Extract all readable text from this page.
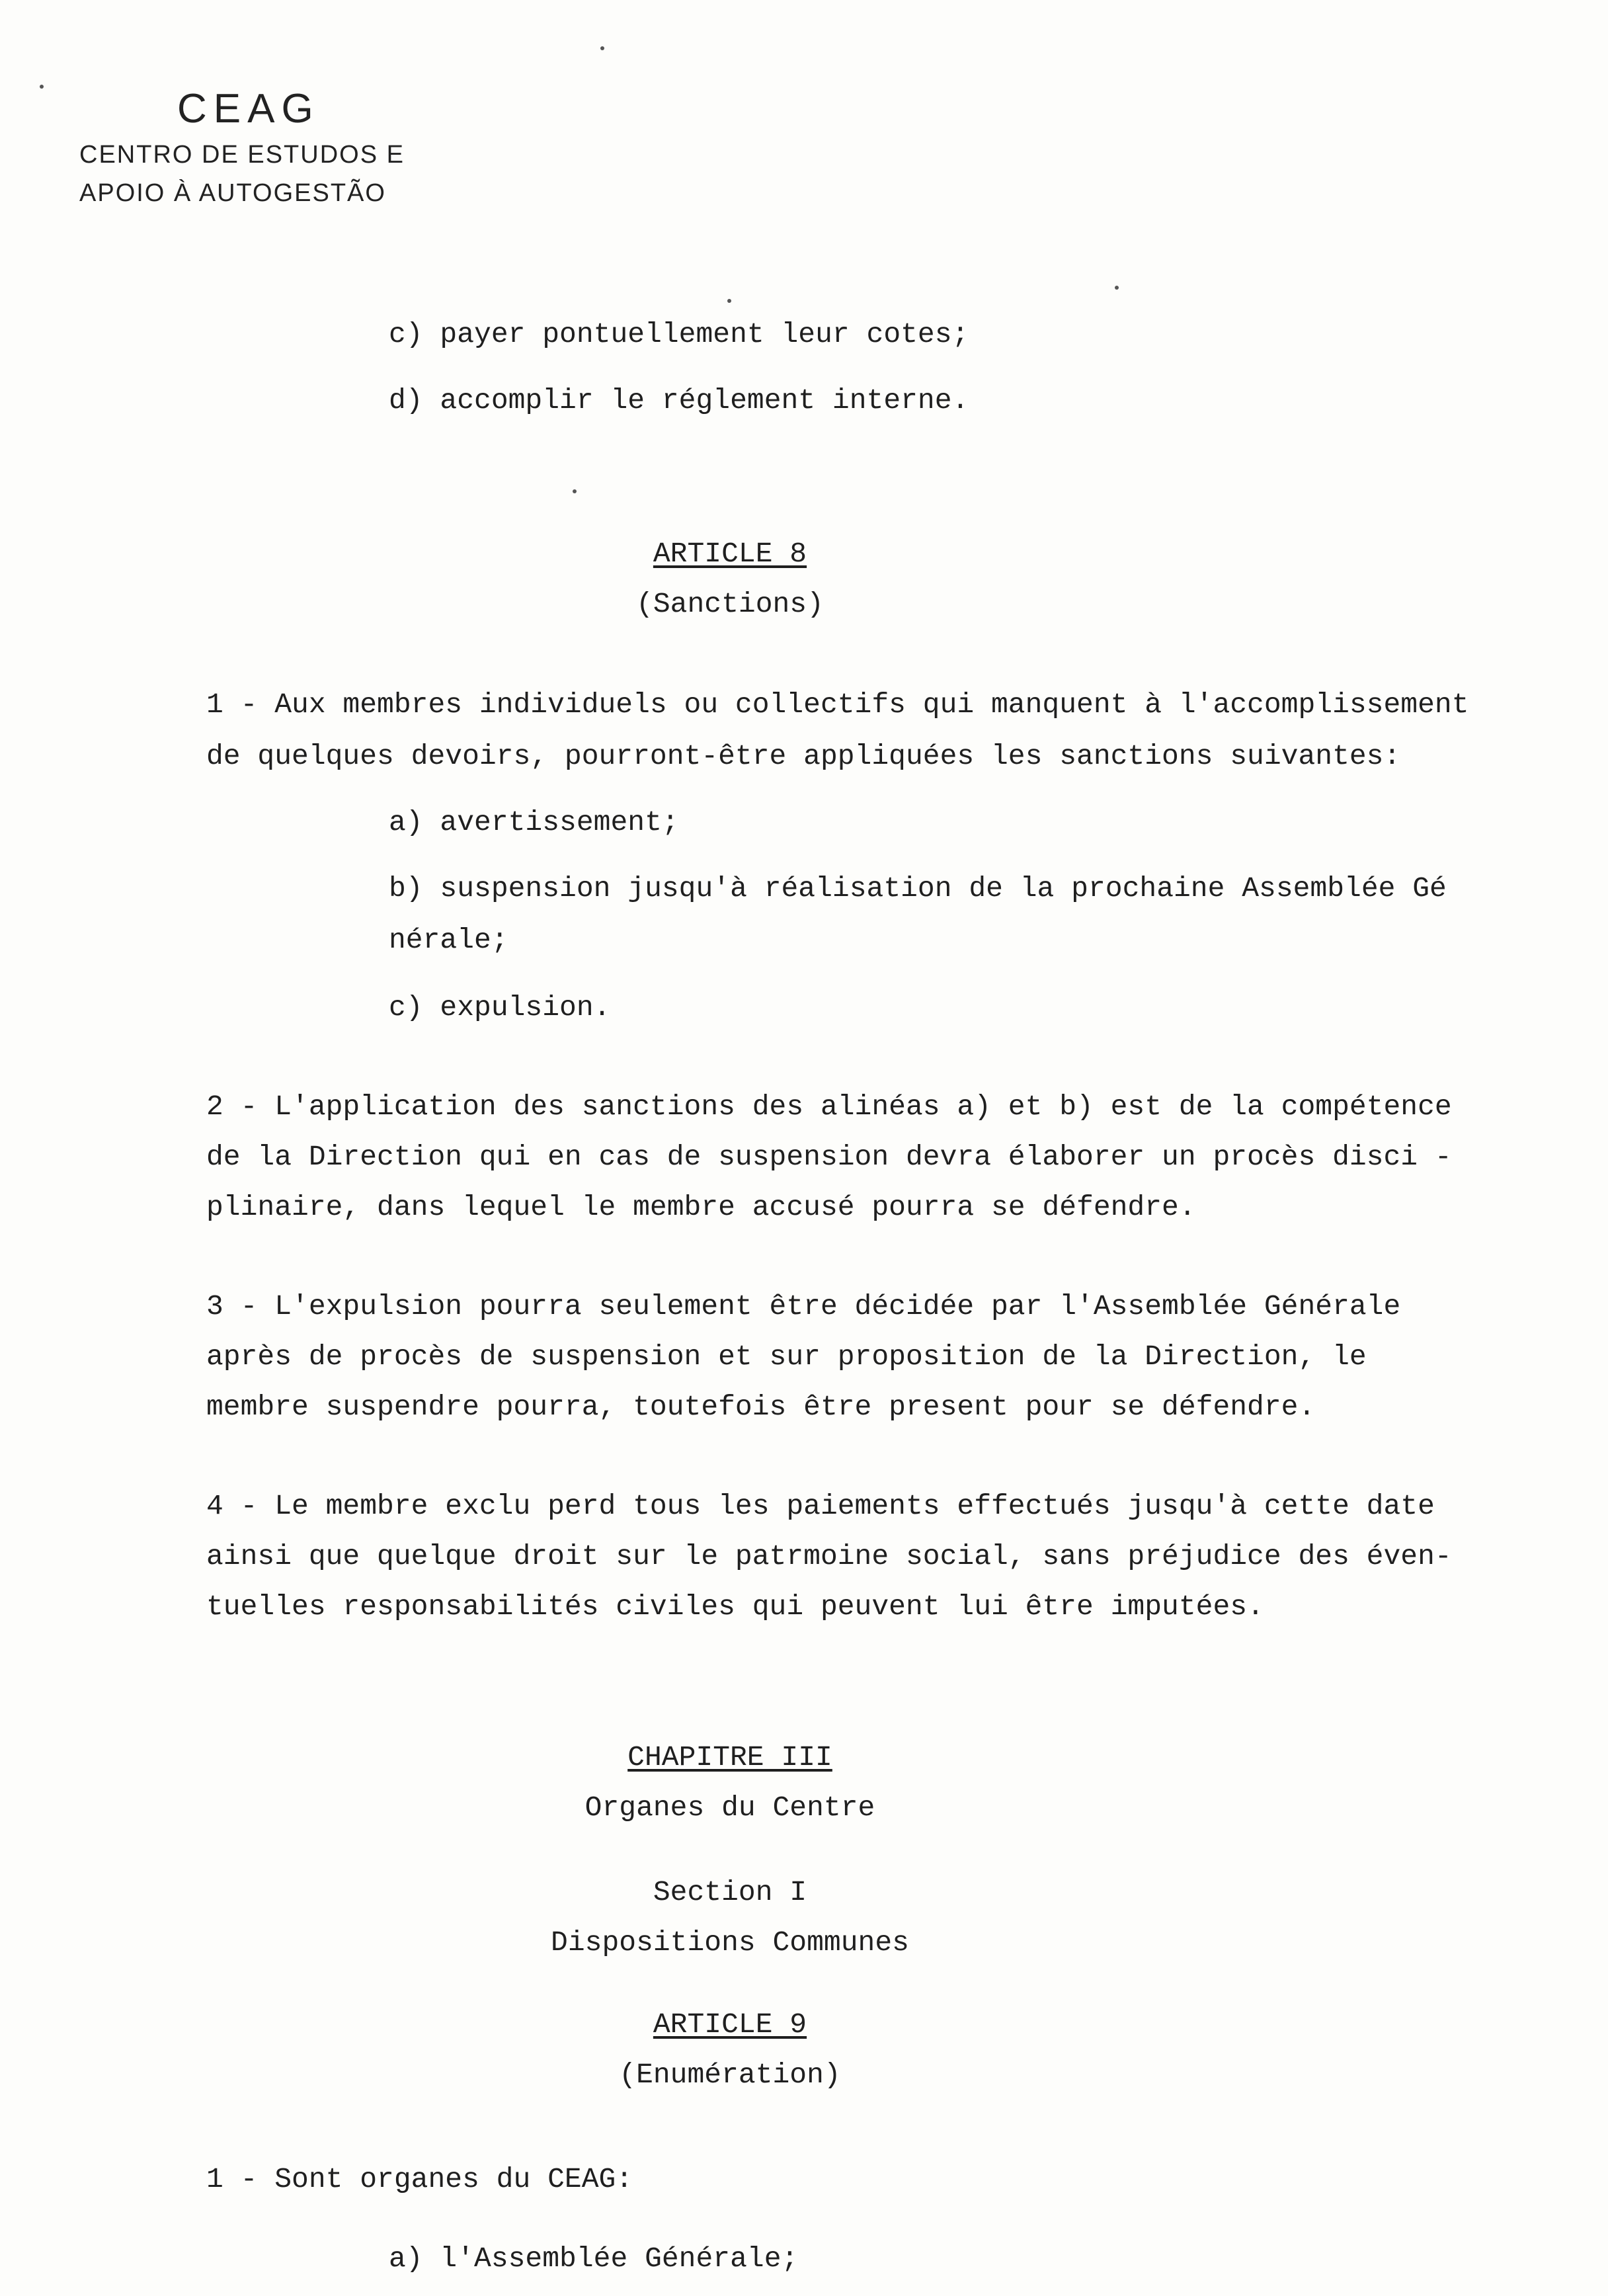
CEAG
CENTRO DE ESTUDOS E
APOIO À AUTOGESTÃO
c) payer pontuellement leur cotes;
d) accomplir le réglement interne.
ARTICLE 8
(Sanctions)
1 - Aux membres individuels ou collectifs qui manquent à l'accomplissement
de quelques devoirs, pourront-être appliquées les sanctions suivantes:
a) avertissement;
b) suspension jusqu'à réalisation de la prochaine Assemblée Gé
nérale;
c) expulsion.
2 - L'application des sanctions des alinéas a) et b) est de la compétence
de la Direction qui en cas de suspension devra élaborer un procès disci -
plinaire, dans lequel le membre accusé pourra se défendre.
3 - L'expulsion pourra seulement être décidée par l'Assemblée Générale
après de procès de suspension et sur proposition de la Direction, le
membre suspendre pourra, toutefois être present pour se défendre.
4 - Le membre exclu perd tous les paiements effectués jusqu'à cette date
ainsi que quelque droit sur le patrmoine social, sans préjudice des éven-
tuelles responsabilités civiles qui peuvent lui être imputées.
CHAPITRE III
Organes du Centre
Section I
Dispositions Communes
ARTICLE 9
(Enumération)
1 - Sont organes du CEAG:
a) l'Assemblée Générale;
